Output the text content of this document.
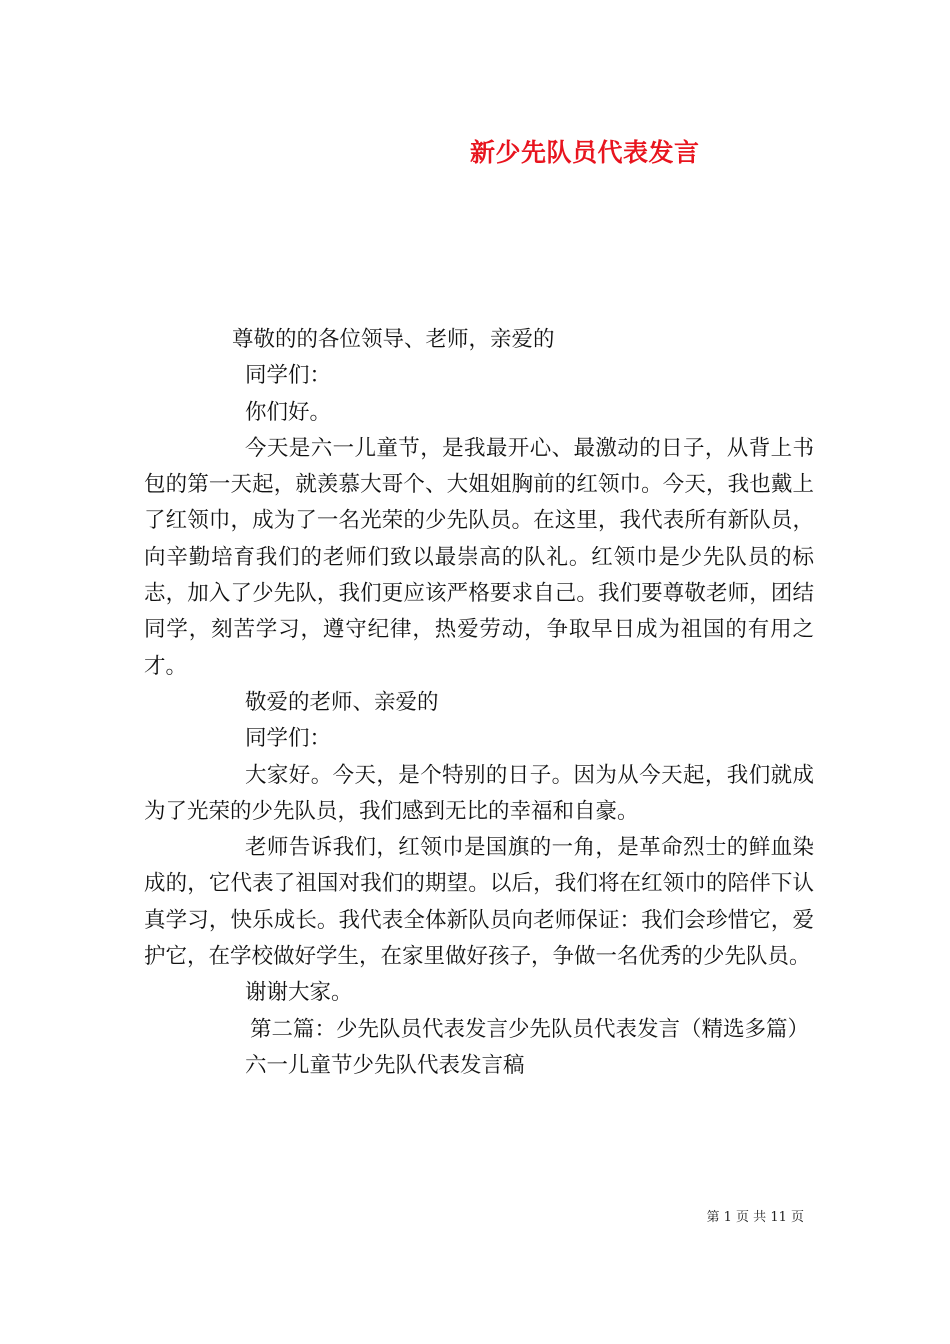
新少先队员代表发言

尊敬的的各位领导、老师，亲爱的

同学们：

你们好。

今天是六一儿童节，是我最开心、最激动的日子，从背上书包的第一天起，就羡慕大哥个、大姐姐胸前的红领巾。今天，我也戴上了红领巾，成为了一名光荣的少先队员。在这里，我代表所有新队员，向辛勤培育我们的老师们致以最崇高的队礼。红领巾是少先队员的标志，加入了少先队，我们更应该严格要求自己。我们要尊敬老师，团结同学，刻苦学习，遵守纪律，热爱劳动，争取早日成为祖国的有用之才。

敬爱的老师、亲爱的

同学们：

大家好。今天，是个特别的日子。因为从今天起，我们就成为了光荣的少先队员，我们感到无比的幸福和自豪。

老师告诉我们，红领巾是国旗的一角，是革命烈士的鲜血染成的，它代表了祖国对我们的期望。以后，我们将在红领巾的陪伴下认真学习，快乐成长。我代表全体新队员向老师保证：我们会珍惜它，爱护它，在学校做好学生，在家里做好孩子，争做一名优秀的少先队员。

谢谢大家。

第二篇：少先队员代表发言少先队员代表发言（精选多篇）

六一儿童节少先队代表发言稿

第 1 页 共 11 页
